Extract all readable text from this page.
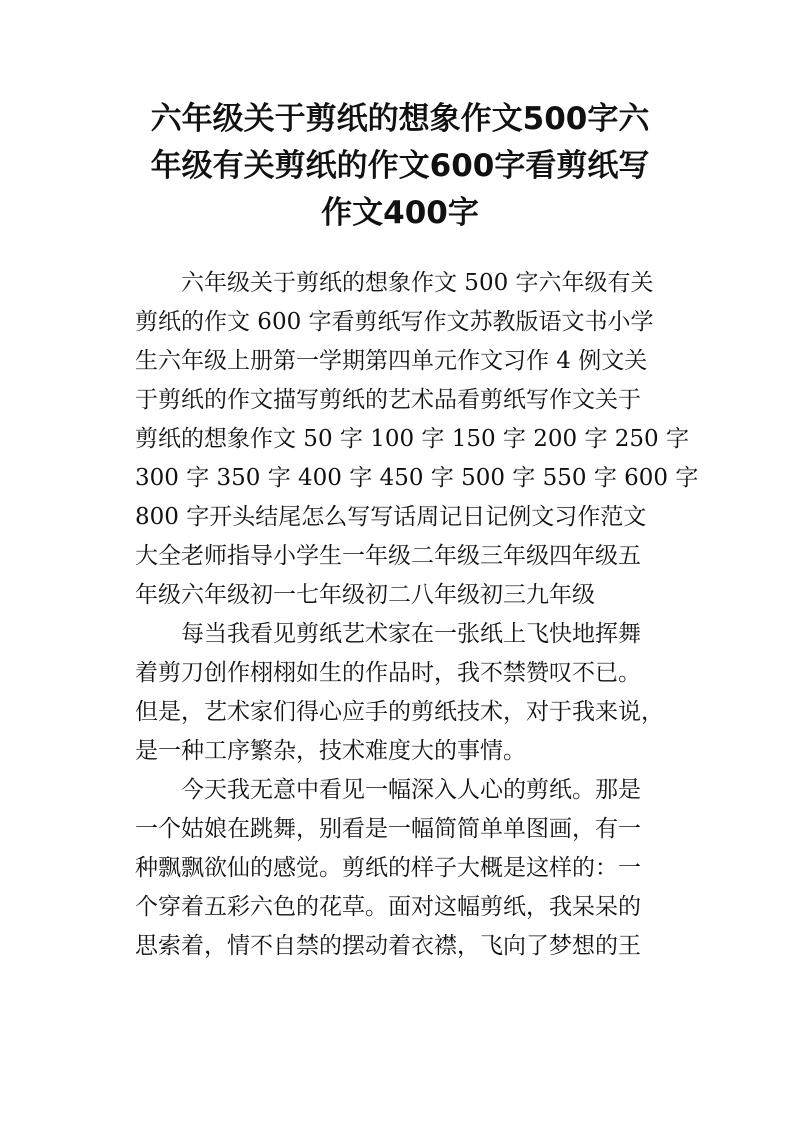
六年级关于剪纸的想象作文500字六
年级有关剪纸的作文600字看剪纸写
作文400字
六年级关于剪纸的想象作文 500 字六年级有关
剪纸的作文 600 字看剪纸写作文苏教版语文书小学
生六年级上册第一学期第四单元作文习作 4 例文关
于剪纸的作文描写剪纸的艺术品看剪纸写作文关于
剪纸的想象作文 50 字 100 字 150 字 200 字 250 字
300 字 350 字 400 字 450 字 500 字 550 字 600 字
800 字开头结尾怎么写写话周记日记例文习作范文
大全老师指导小学生一年级二年级三年级四年级五
年级六年级初一七年级初二八年级初三九年级
每当我看见剪纸艺术家在一张纸上飞快地挥舞
着剪刀创作栩栩如生的作品时，我不禁赞叹不已。
但是，艺术家们得心应手的剪纸技术，对于我来说，
是一种工序繁杂，技术难度大的事情。
今天我无意中看见一幅深入人心的剪纸。那是
一个姑娘在跳舞，别看是一幅简简单单图画，有一
种飘飘欲仙的感觉。剪纸的样子大概是这样的：一
个穿着五彩六色的花草。面对这幅剪纸，我呆呆的
思索着，情不自禁的摆动着衣襟，飞向了梦想的王
